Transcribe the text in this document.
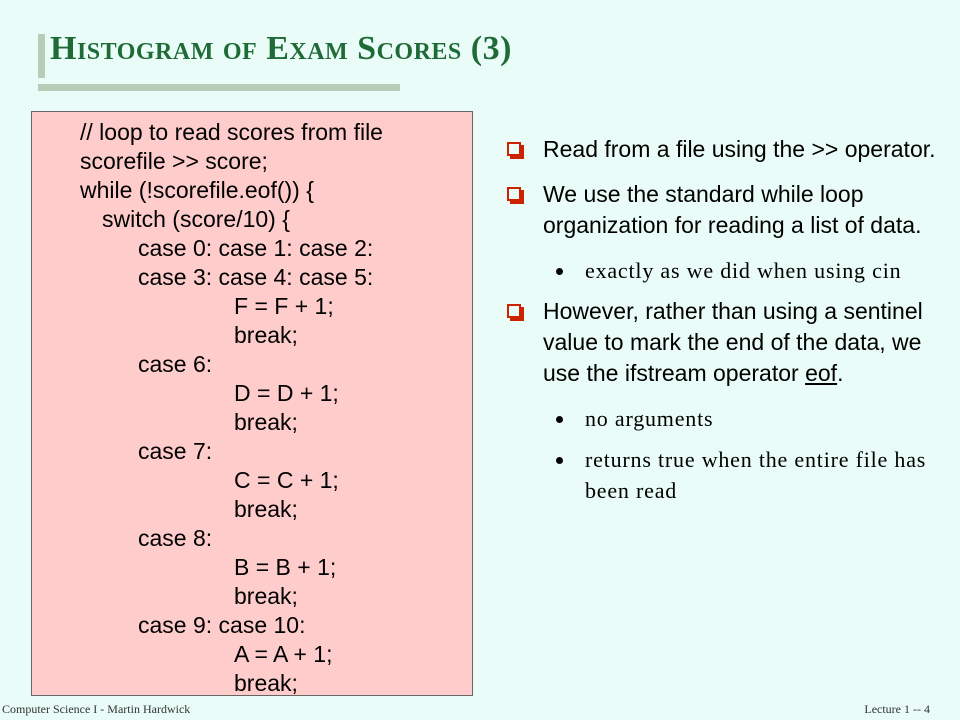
Histogram of Exam Scores (3)
// loop to read scores from file
scorefile >> score;
while (!scorefile.eof()) {
switch (score/10) {
case 0: case 1: case 2:
case 3: case 4: case 5:
F = F + 1;
break;
case 6:
D = D + 1;
break;
case 7:
C = C + 1;
break;
case 8:
B = B + 1;
break;
case 9: case 10:
A = A + 1;
break;
Read from a file using the >> operator.
We use the standard while loop organization for reading a list of data.
exactly as we did when using cin
However, rather than using a sentinel value to mark the end of the data, we use the ifstream operator eof.
no arguments
returns true when the entire file has been read
Computer Science I - Martin Hardwick	Lecture 1 -- 4
